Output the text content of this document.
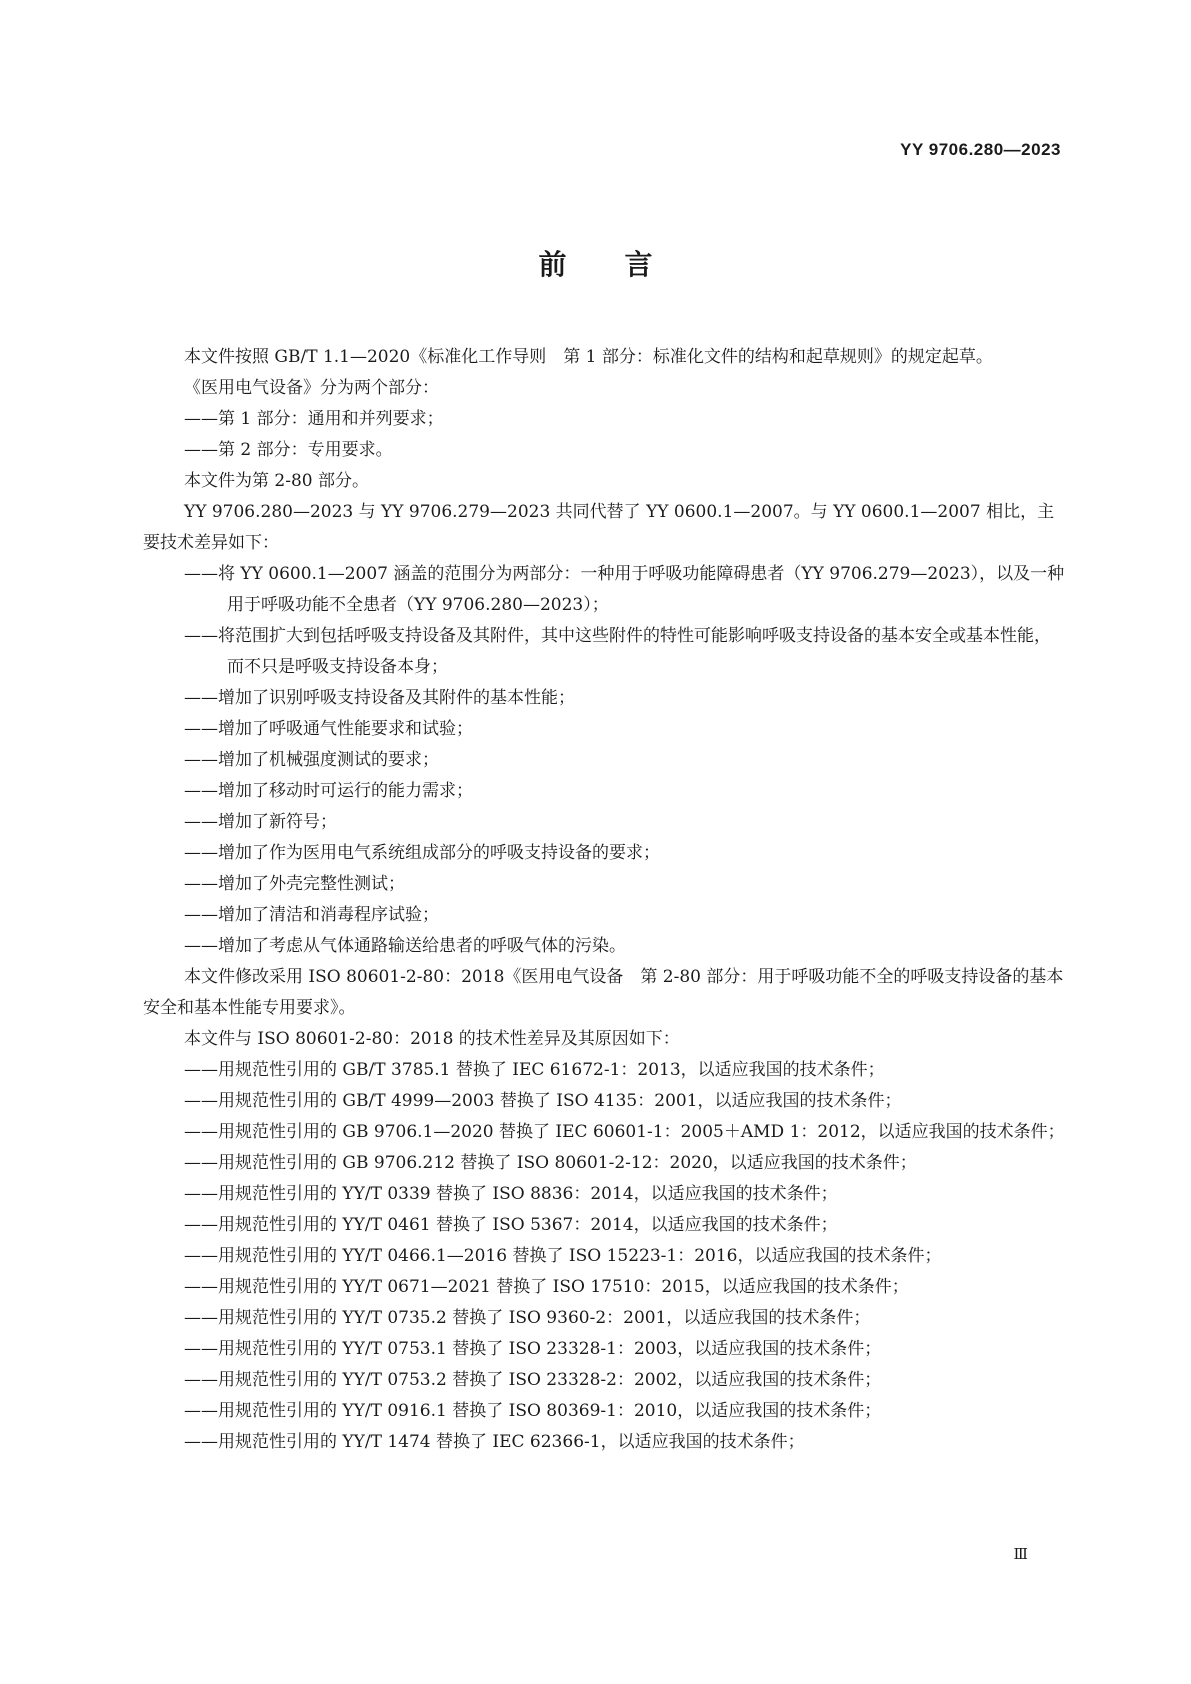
YY 9706.280—2023
前言

本文件按照 GB/T 1.1—2020《标准化工作导则　第 1 部分：标准化文件的结构和起草规则》的规定起草。

《医用电气设备》分为两个部分：

——第 1 部分：通用和并列要求；

——第 2 部分：专用要求。

本文件为第 2-80 部分。

YY 9706.280—2023 与 YY 9706.279—2023 共同代替了 YY 0600.1—2007。与 YY 0600.1—2007 相比，主要技术差异如下：

——将 YY 0600.1—2007 涵盖的范围分为两部分：一种用于呼吸功能障碍患者（YY 9706.279—2023），以及一种用于呼吸功能不全患者（YY 9706.280—2023）；

——将范围扩大到包括呼吸支持设备及其附件，其中这些附件的特性可能影响呼吸支持设备的基本安全或基本性能，而不只是呼吸支持设备本身；

——增加了识别呼吸支持设备及其附件的基本性能；

——增加了呼吸通气性能要求和试验；

——增加了机械强度测试的要求；

——增加了移动时可运行的能力需求；

——增加了新符号；

——增加了作为医用电气系统组成部分的呼吸支持设备的要求；

——增加了外壳完整性测试；

——增加了清洁和消毒程序试验；

——增加了考虑从气体通路输送给患者的呼吸气体的污染。

本文件修改采用 ISO 80601-2-80：2018《医用电气设备　第 2-80 部分：用于呼吸功能不全的呼吸支持设备的基本安全和基本性能专用要求》。

本文件与 ISO 80601-2-80：2018 的技术性差异及其原因如下：

——用规范性引用的 GB/T 3785.1 替换了 IEC 61672-1：2013，以适应我国的技术条件；

——用规范性引用的 GB/T 4999—2003 替换了 ISO 4135：2001，以适应我国的技术条件；

——用规范性引用的 GB 9706.1—2020 替换了 IEC 60601-1：2005＋AMD 1：2012，以适应我国的技术条件；

——用规范性引用的 GB 9706.212 替换了 ISO 80601-2-12：2020，以适应我国的技术条件；

——用规范性引用的 YY/T 0339 替换了 ISO 8836：2014，以适应我国的技术条件；

——用规范性引用的 YY/T 0461 替换了 ISO 5367：2014，以适应我国的技术条件；

——用规范性引用的 YY/T 0466.1—2016 替换了 ISO 15223-1：2016，以适应我国的技术条件；

——用规范性引用的 YY/T 0671—2021 替换了 ISO 17510：2015，以适应我国的技术条件；

——用规范性引用的 YY/T 0735.2 替换了 ISO 9360-2：2001，以适应我国的技术条件；

——用规范性引用的 YY/T 0753.1 替换了 ISO 23328-1：2003，以适应我国的技术条件；

——用规范性引用的 YY/T 0753.2 替换了 ISO 23328-2：2002，以适应我国的技术条件；

——用规范性引用的 YY/T 0916.1 替换了 ISO 80369-1：2010，以适应我国的技术条件；

——用规范性引用的 YY/T 1474 替换了 IEC 62366-1，以适应我国的技术条件；

Ⅲ
